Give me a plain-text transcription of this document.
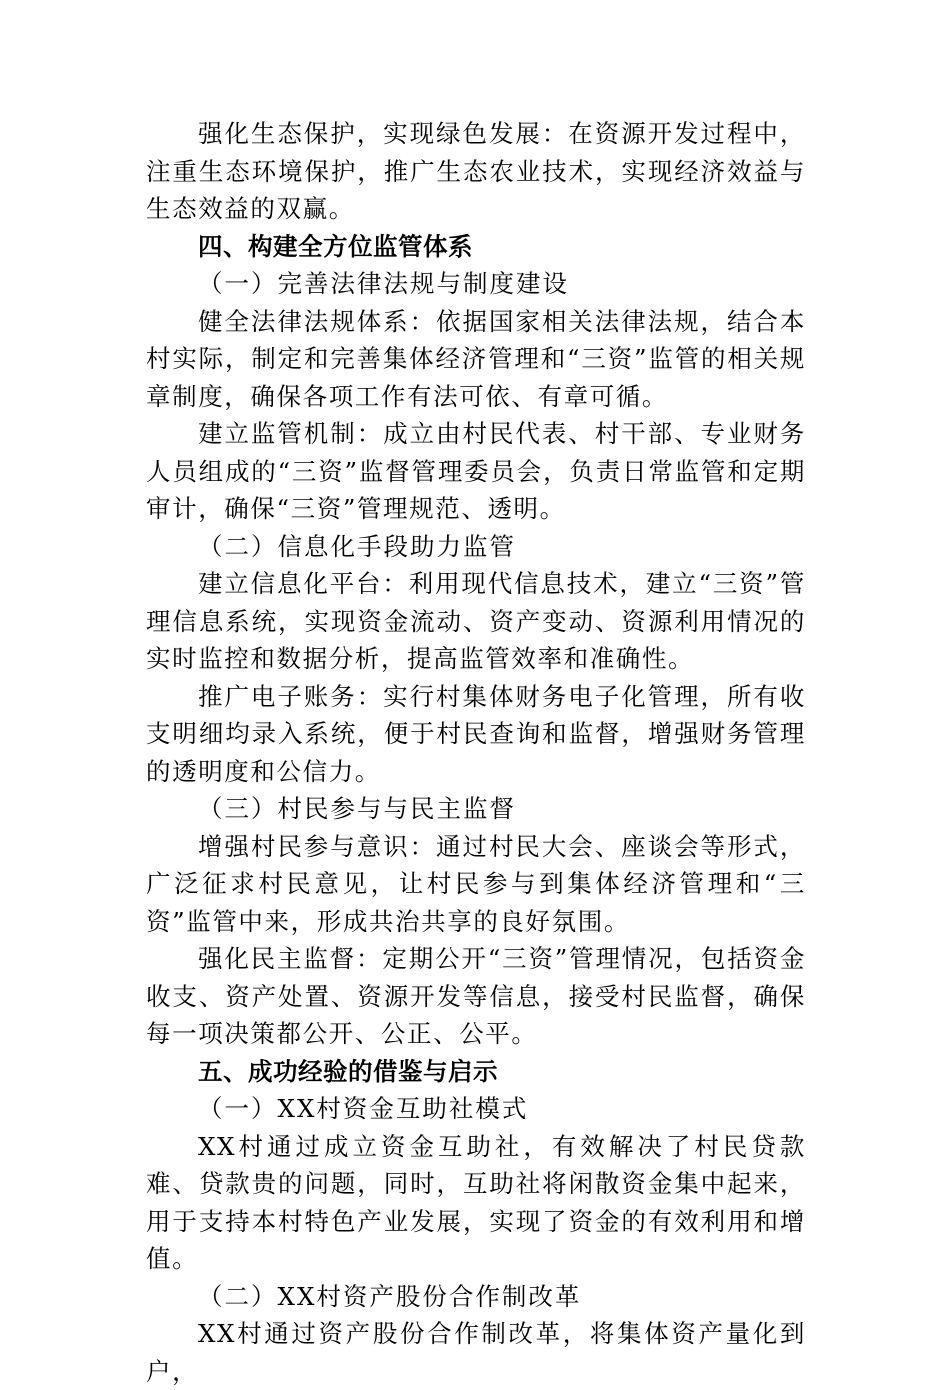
强化生态保护，实现绿色发展：在资源开发过程中，注重生态环境保护，推广生态农业技术，实现经济效益与生态效益的双赢。

四、构建全方位监管体系

（一）完善法律法规与制度建设

健全法律法规体系：依据国家相关法律法规，结合本村实际，制定和完善集体经济管理和“三资”监管的相关规章制度，确保各项工作有法可依、有章可循。

建立监管机制：成立由村民代表、村干部、专业财务人员组成的“三资”监督管理委员会，负责日常监管和定期审计，确保“三资”管理规范、透明。

（二）信息化手段助力监管

建立信息化平台：利用现代信息技术，建立“三资”管理信息系统，实现资金流动、资产变动、资源利用情况的实时监控和数据分析，提高监管效率和准确性。

推广电子账务：实行村集体财务电子化管理，所有收支明细均录入系统，便于村民查询和监督，增强财务管理的透明度和公信力。

（三）村民参与与民主监督

增强村民参与意识：通过村民大会、座谈会等形式，广泛征求村民意见，让村民参与到集体经济管理和“三资”监管中来，形成共治共享的良好氛围。

强化民主监督：定期公开“三资”管理情况，包括资金收支、资产处置、资源开发等信息，接受村民监督，确保每一项决策都公开、公正、公平。

五、成功经验的借鉴与启示

（一）XX村资金互助社模式

XX村通过成立资金互助社，有效解决了村民贷款难、贷款贵的问题，同时，互助社将闲散资金集中起来，用于支持本村特色产业发展，实现了资金的有效利用和增值。

（二）XX村资产股份合作制改革

XX村通过资产股份合作制改革，将集体资产量化到户，
